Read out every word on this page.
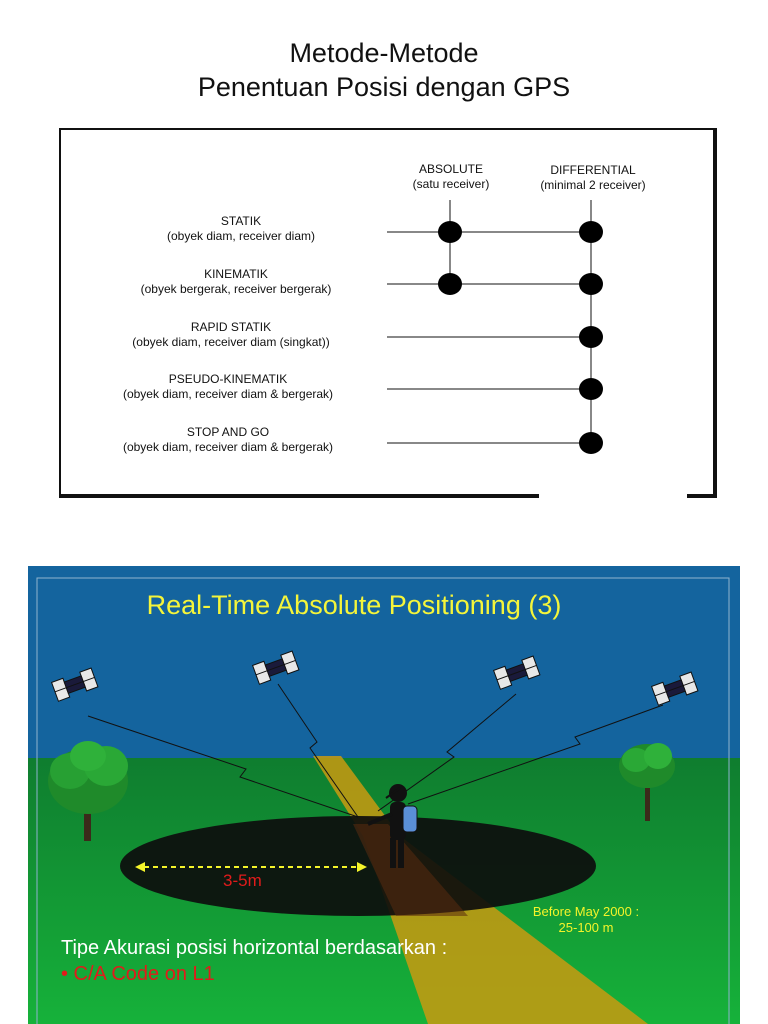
Metode-Metode
Penentuan Posisi dengan GPS
ABSOLUTE
(satu receiver)
DIFFERENTIAL
(minimal 2 receiver)
STATIK
(obyek diam, receiver diam)
KINEMATIK
(obyek bergerak, receiver bergerak)
RAPID STATIK
(obyek diam, receiver diam (singkat))
PSEUDO-KINEMATIK
(obyek diam, receiver diam & bergerak)
STOP AND GO
(obyek diam, receiver diam & bergerak)
Real-Time Absolute Positioning (3)
3-5m
Before May 2000 :
25-100 m
Tipe Akurasi posisi horizontal berdasarkan :
• C/A Code on L1
